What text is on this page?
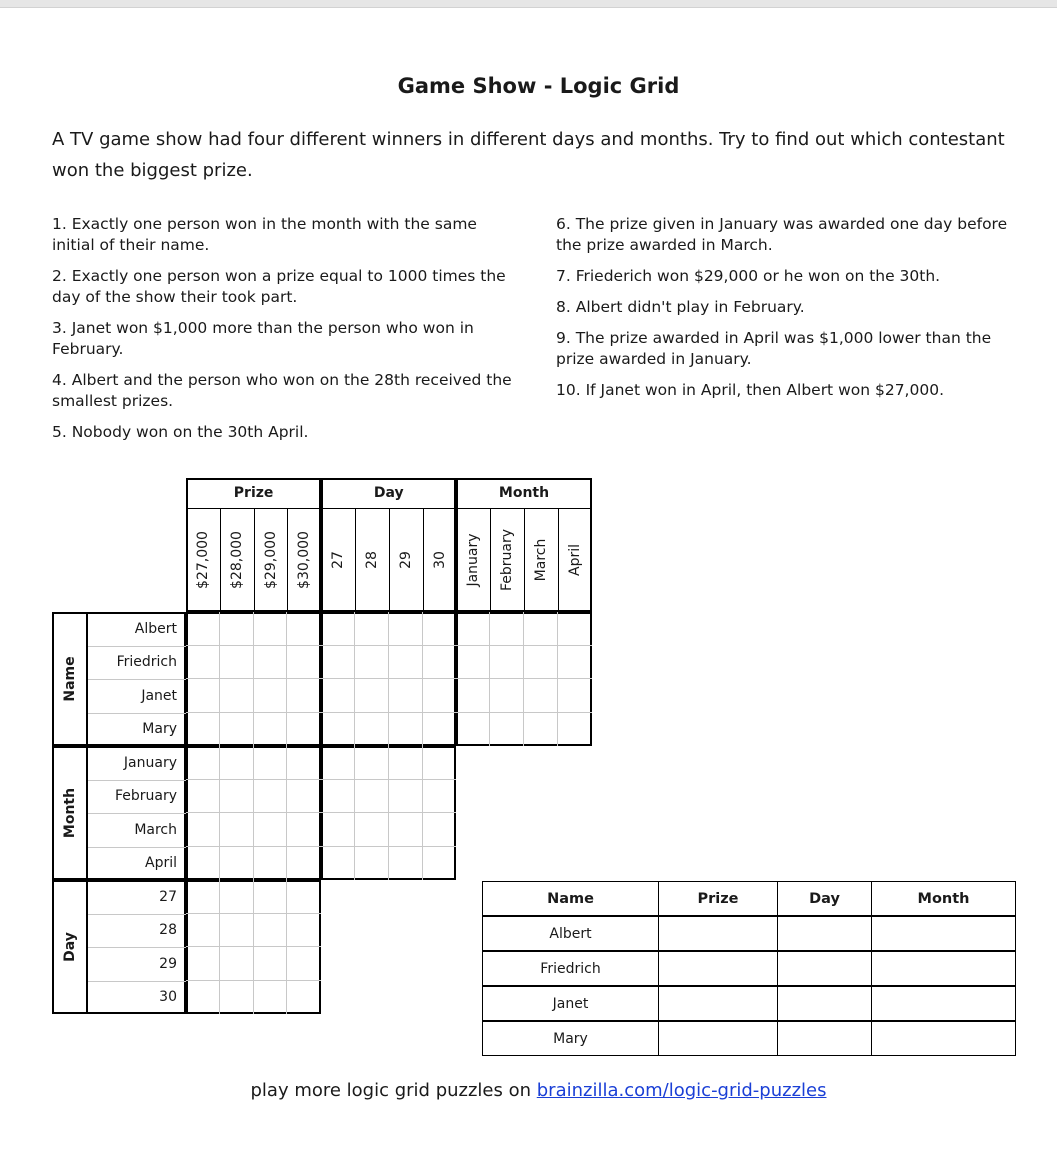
Game Show - Logic Grid
A TV game show had four different winners in different days and months. Try to find out which contestant won the biggest prize.
1. Exactly one person won in the month with the same initial of their name.
2. Exactly one person won a prize equal to 1000 times the day of the show their took part.
3. Janet won $1,000 more than the person who won in February.
4. Albert and the person who won on the 28th received the smallest prizes.
5. Nobody won on the 30th April.
6. The prize given in January was awarded one day before the prize awarded in March.
7. Friederich won $29,000 or he won on the 30th.
8. Albert didn't play in February.
9. The prize awarded in April was $1,000 lower than the prize awarded in January.
10. If Janet won in April, then Albert won $27,000.
Prize
$27,000 $28,000 $29,000 $30,000
Day
27 28 29 30
Month
January February March April
Name
Albert
Friedrich
Janet
Mary
Month
January
February
March
April
Day
27
28
29
30
Name	Prize	Day	Month
Albert
Friedrich
Janet
Mary
play more logic grid puzzles on brainzilla.com/logic-grid-puzzles
